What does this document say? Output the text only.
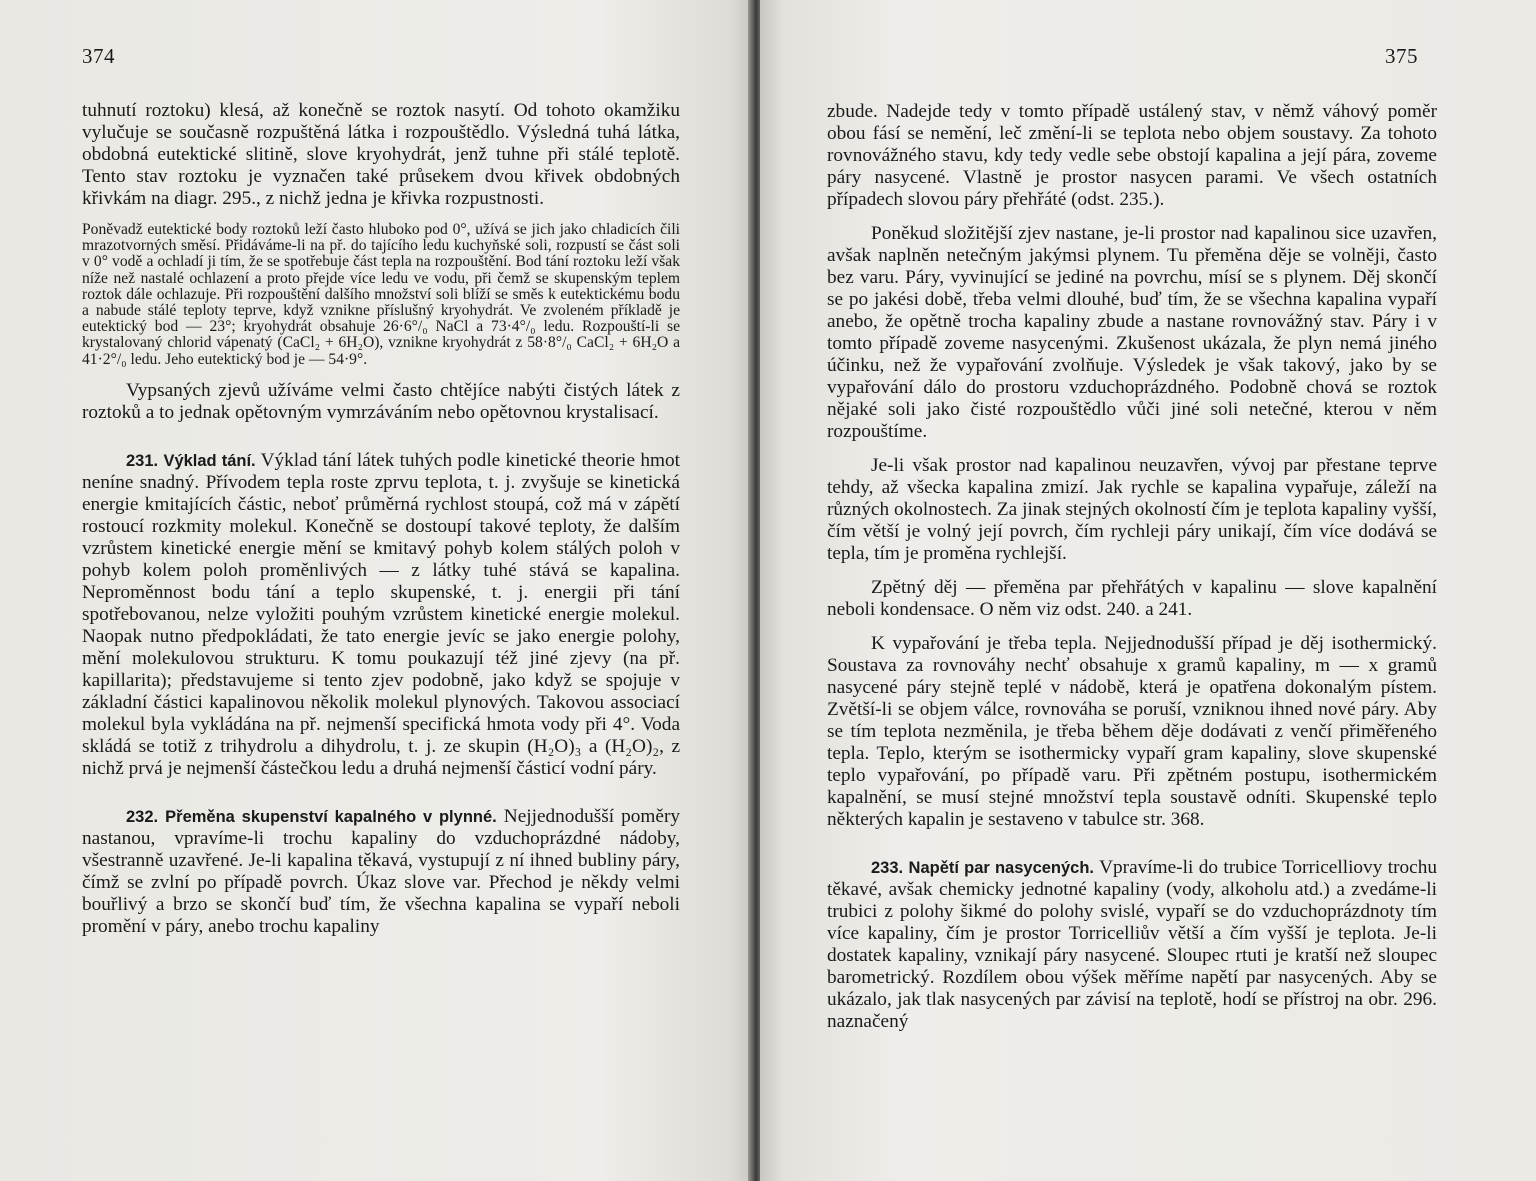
374

tuhnutí roztoku) klesá, až konečně se roztok nasytí. Od tohoto okamžiku vylučuje se současně rozpuštěná látka i rozpouštědlo. Výsledná tuhá látka, obdobná eutektické slitině, slove kryohydrát, jenž tuhne při stálé teplotě. Tento stav roztoku je vyznačen také průsekem dvou křivek obdobných křivkám na diagr. 295., z nichž jedna je křivka rozpustnosti.

Poněvadž eutektické body roztoků leží často hluboko pod 0°, užívá se jich jako chladicích čili mrazotvorných směsí. Přidáváme-li na př. do tajícího ledu kuchyňské soli, rozpustí se část soli v 0° vodě a ochladí ji tím, že se spotřebuje část tepla na rozpouštění. Bod tání roztoku leží však níže než nastalé ochlazení a proto přejde více ledu ve vodu, při čemž se skupenským teplem roztok dále ochlazuje. Při rozpouštění dalšího množství soli blíží se směs k eutektickému bodu a nabude stálé teploty teprve, když vznikne příslušný kryohydrát. Ve zvoleném příkladě je eutektický bod — 23°; kryohydrát obsahuje 26·6°/₀ NaCl a 73·4°/₀ ledu. Rozpouští-li se krystalovaný chlorid vápenatý (CaCl₂ + 6H₂O), vznikne kryohydrát z 58·8°/₀ CaCl₂ + 6H₂O a 41·2°/₀ ledu. Jeho eutektický bod je — 54·9°.

Vypsaných zjevů užíváme velmi často chtějíce nabýti čistých látek z roztoků a to jednak opětovným vymrzáváním nebo opětovnou krystalisací.

231. Výklad tání. Výklad tání látek tuhých podle kinetické theorie hmot neníne snadný. Přívodem tepla roste zprvu teplota, t. j. zvyšuje se kinetická energie kmitajících částic, neboť průměrná rychlost stoupá, což má v zápětí rostoucí rozkmity molekul. Konečně se dostoupí takové teploty, že dalším vzrůstem kinetické energie mění se kmitavý pohyb kolem stálých poloh v pohyb kolem poloh proměnlivých — z látky tuhé stává se kapalina. Neproměnnost bodu tání a teplo skupenské, t. j. energii při tání spotřebovanou, nelze vyložiti pouhým vzrůstem kinetické energie molekul. Naopak nutno předpokládati, že tato energie jevíc se jako energie polohy, mění molekulovou strukturu. K tomu poukazují též jiné zjevy (na př. kapillarita); představujeme si tento zjev podobně, jako když se spojuje v základní částici kapalinovou několik molekul plynových. Takovou associací molekul byla vykládána na př. nejmenší specifická hmota vody při 4°. Voda skládá se totiž z trihydrolu a dihydrolu, t. j. ze skupin (H₂O)₃ a (H₂O)₂, z nichž prvá je nejmenší částečkou ledu a druhá nejmenší částicí vodní páry.

232. Přeměna skupenství kapalného v plynné. Nejjednodušší poměry nastanou, vpravíme-li trochu kapaliny do vzduchoprázdné nádoby, všestranně uzavřené. Je-li kapalina těkavá, vystupují z ní ihned bubliny páry, čímž se zvlní po případě povrch. Úkaz slove var. Přechod je někdy velmi bouřlivý a brzo se skončí buď tím, že všechna kapalina se vypaří neboli promění v páry, anebo trochu kapaliny

375

zbude. Nadejde tedy v tomto případě ustálený stav, v němž váhový poměr obou fásí se nemění, leč změní-li se teplota nebo objem soustavy. Za tohoto rovnovážného stavu, kdy tedy vedle sebe obstojí kapalina a její pára, zoveme páry nasycené. Vlastně je prostor nasycen parami. Ve všech ostatních případech slovou páry přehřáté (odst. 235.).

Poněkud složitější zjev nastane, je-li prostor nad kapalinou sice uzavřen, avšak naplněn netečným jakýmsi plynem. Tu přeměna děje se volněji, často bez varu. Páry, vyvinující se jediné na povrchu, mísí se s plynem. Děj skončí se po jakési době, třeba velmi dlouhé, buď tím, že se všechna kapalina vypaří anebo, že opětně trocha kapaliny zbude a nastane rovnovážný stav. Páry i v tomto případě zoveme nasycenými. Zkušenost ukázala, že plyn nemá jiného účinku, než že vypařování zvolňuje. Výsledek je však takový, jako by se vypařování dálo do prostoru vzduchoprázdného. Podobně chová se roztok nějaké soli jako čisté rozpouštědlo vůči jiné soli netečné, kterou v něm rozpouštíme.

Je-li však prostor nad kapalinou neuzavřen, vývoj par přestane teprve tehdy, až všecka kapalina zmizí. Jak rychle se kapalina vypařuje, záleží na různých okolnostech. Za jinak stejných okolností čím je teplota kapaliny vyšší, čím větší je volný její povrch, čím rychleji páry unikají, čím více dodává se tepla, tím je proměna rychlejší.

Zpětný děj — přeměna par přehřátých v kapalinu — slove kapalnění neboli kondensace. O něm viz odst. 240. a 241.

K vypařování je třeba tepla. Nejjednodušší případ je děj isothermický. Soustava za rovnováhy nechť obsahuje x gramů kapaliny, m — x gramů nasycené páry stejně teplé v nádobě, která je opatřena dokonalým pístem. Zvětší-li se objem válce, rovnováha se poruší, vzniknou ihned nové páry. Aby se tím teplota nezměnila, je třeba během děje dodávati z venčí přiměřeného tepla. Teplo, kterým se isothermicky vypaří gram kapaliny, slove skupenské teplo vypařování, po případě varu. Při zpětném postupu, isothermickém kapalnění, se musí stejné množství tepla soustavě odníti. Skupenské teplo některých kapalin je sestaveno v tabulce str. 368.

233. Napětí par nasycených. Vpravíme-li do trubice Torricelliovy trochu těkavé, avšak chemicky jednotné kapaliny (vody, alkoholu atd.) a zvedáme-li trubici z polohy šikmé do polohy svislé, vypaří se do vzduchoprázdnoty tím více kapaliny, čím je prostor Torricelliův větší a čím vyšší je teplota. Je-li dostatek kapaliny, vznikají páry nasycené. Sloupec rtuti je kratší než sloupec barometrický. Rozdílem obou výšek měříme napětí par nasycených. Aby se ukázalo, jak tlak nasycených par závisí na teplotě, hodí se přístroj na obr. 296. naznačený
